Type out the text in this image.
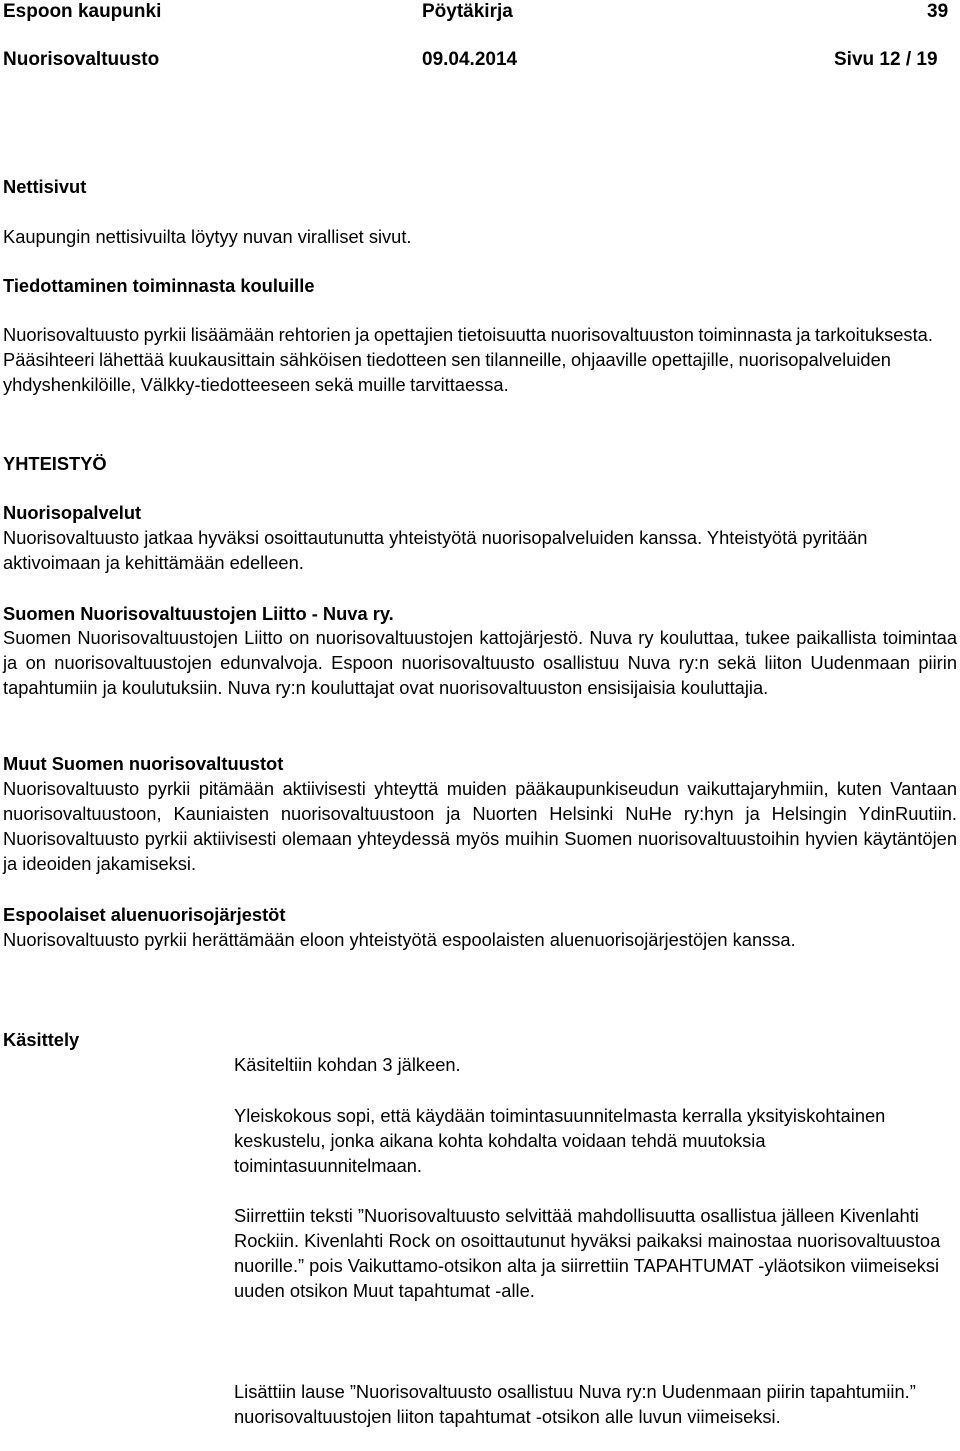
Espoon kaupunki	Pöytäkirja	39
Nuorisovaltuusto	09.04.2014	Sivu 12 / 19
Nettisivut
Kaupungin nettisivuilta löytyy nuvan viralliset sivut.
Tiedottaminen toiminnasta kouluille
Nuorisovaltuusto pyrkii lisäämään rehtorien ja opettajien tietoisuutta nuorisovaltuuston toiminnasta ja tarkoituksesta. Pääsihteeri lähettää kuukausittain sähköisen tiedotteen sen tilanneille, ohjaaville opettajille, nuorisopalveluiden yhdyshenkilöille, Välkky-tiedotteeseen sekä muille tarvittaessa.
YHTEISTYÖ
Nuorisopalvelut
Nuorisovaltuusto jatkaa hyväksi osoittautunutta yhteistyötä nuorisopalveluiden kanssa. Yhteistyötä pyritään aktivoimaan ja kehittämään edelleen.
Suomen Nuorisovaltuustojen Liitto - Nuva ry.
Suomen Nuorisovaltuustojen Liitto on nuorisovaltuustojen kattojärjestö. Nuva ry kouluttaa, tukee paikallista toimintaa ja on nuorisovaltuustojen edunvalvoja. Espoon nuorisovaltuusto osallistuu Nuva ry:n sekä liiton Uudenmaan piirin tapahtumiin ja koulutuksiin. Nuva ry:n kouluttajat ovat nuorisovaltuuston ensisijaisia kouluttajia.
Muut Suomen nuorisovaltuustot
Nuorisovaltuusto pyrkii pitämään aktiivisesti yhteyttä muiden pääkaupunkiseudun vaikuttajaryhmiin, kuten Vantaan nuorisovaltuustoon, Kauniaisten nuorisovaltuustoon ja Nuorten Helsinki NuHe ry:hyn ja Helsingin YdinRuutiin. Nuorisovaltuusto pyrkii aktiivisesti olemaan yhteydessä myös muihin Suomen nuorisovaltuustoihin hyvien käytäntöjen ja ideoiden jakamiseksi.
Espoolaiset aluenuorisojärjestöt
Nuorisovaltuusto pyrkii herättämään eloon yhteistyötä espoolaisten aluenuorisojärjestöjen kanssa.
Käsittely
Käsiteltiin kohdan 3 jälkeen.
Yleiskokous sopi, että käydään toimintasuunnitelmasta kerralla yksityiskohtainen keskustelu, jonka aikana kohta kohdalta voidaan tehdä muutoksia toimintasuunnitelmaan.
Siirrettiin teksti ”Nuorisovaltuusto selvittää mahdollisuutta osallistua jälleen Kivenlahti Rockiin. Kivenlahti Rock on osoittautunut hyväksi paikaksi mainostaa nuorisovaltuustoa nuorille.” pois Vaikuttamo-otsikon alta ja siirrettiin TAPAHTUMAT -yläotsikon viimeiseksi uuden otsikon Muut tapahtumat -alle.
Lisättiin lause ”Nuorisovaltuusto osallistuu Nuva ry:n Uudenmaan piirin tapahtumiin.” nuorisovaltuustojen liiton tapahtumat -otsikon alle luvun viimeiseksi.
